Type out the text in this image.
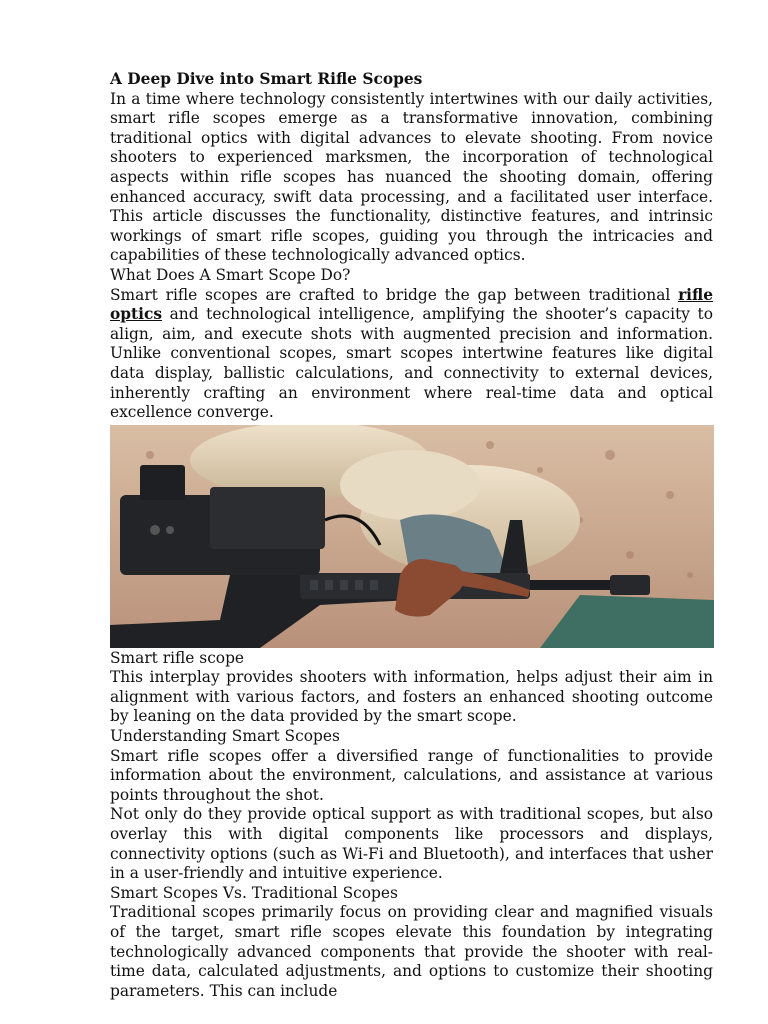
A Deep Dive into Smart Rifle Scopes

In a time where technology consistently intertwines with our daily activities, smart rifle scopes emerge as a transformative innovation, combining traditional optics with digital advances to elevate shooting. From novice shooters to experienced marksmen, the incorporation of technological aspects within rifle scopes has nuanced the shooting domain, offering enhanced accuracy, swift data processing, and a facilitated user interface. This article discusses the functionality, distinctive features, and intrinsic workings of smart rifle scopes, guiding you through the intricacies and capabilities of these technologically advanced optics.

What Does A Smart Scope Do?

Smart rifle scopes are crafted to bridge the gap between traditional rifle optics and technological intelligence, amplifying the shooter’s capacity to align, aim, and execute shots with augmented precision and information. Unlike conventional scopes, smart scopes intertwine features like digital data display, ballistic calculations, and connectivity to external devices, inherently crafting an environment where real-time data and optical excellence converge.

Smart rifle scope

This interplay provides shooters with information, helps adjust their aim in alignment with various factors, and fosters an enhanced shooting outcome by leaning on the data provided by the smart scope.

Understanding Smart Scopes

Smart rifle scopes offer a diversified range of functionalities to provide information about the environment, calculations, and assistance at various points throughout the shot.

Not only do they provide optical support as with traditional scopes, but also overlay this with digital components like processors and displays, connectivity options (such as Wi-Fi and Bluetooth), and interfaces that usher in a user-friendly and intuitive experience.

Smart Scopes Vs. Traditional Scopes

Traditional scopes primarily focus on providing clear and magnified visuals of the target, smart rifle scopes elevate this foundation by integrating technologically advanced components that provide the shooter with real-time data, calculated adjustments, and options to customize their shooting parameters. This can include
